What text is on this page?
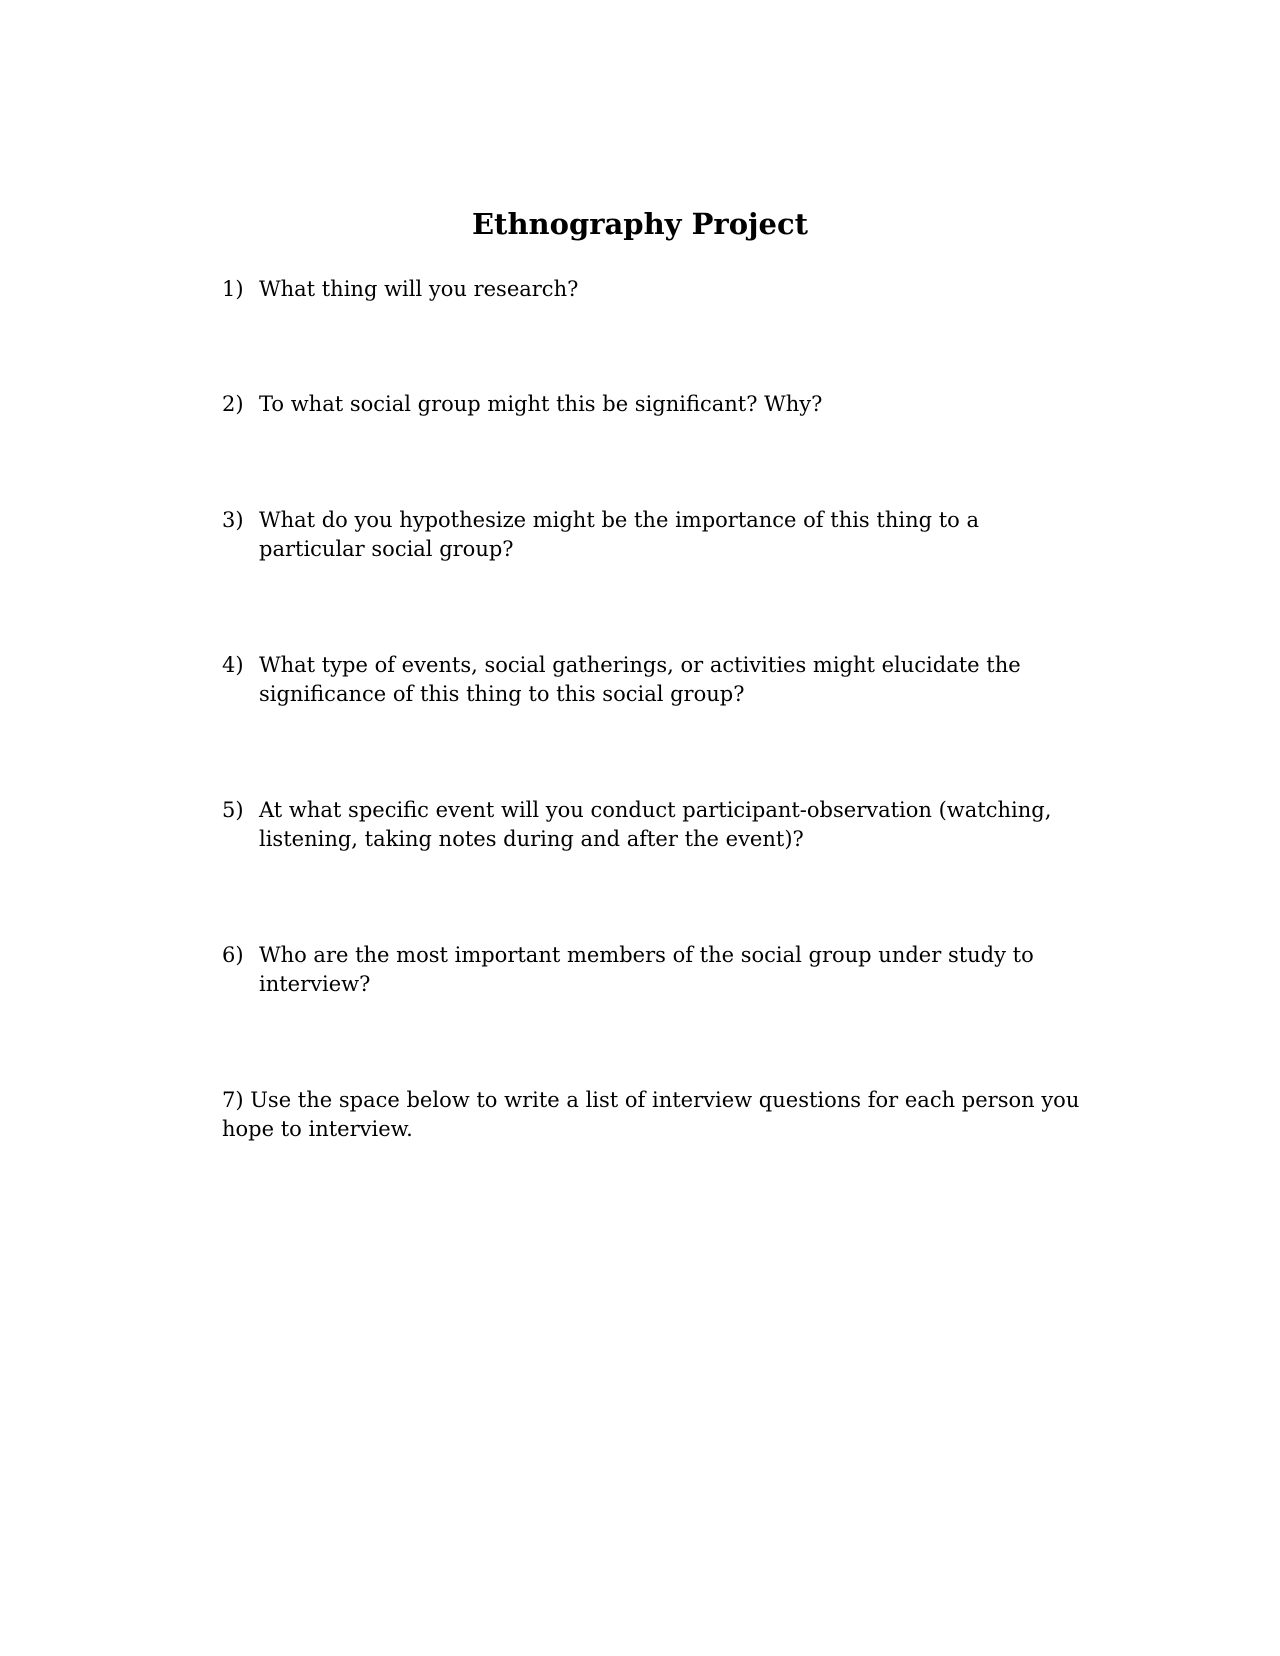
Ethnography Project
1) What thing will you research?
2) To what social group might this be significant? Why?
3) What do you hypothesize might be the importance of this thing to a particular social group?
4) What type of events, social gatherings, or activities might elucidate the significance of this thing to this social group?
5) At what specific event will you conduct participant-observation (watching, listening, taking notes during and after the event)?
6) Who are the most important members of the social group under study to interview?

7) Use the space below to write a list of interview questions for each person you hope to interview.
